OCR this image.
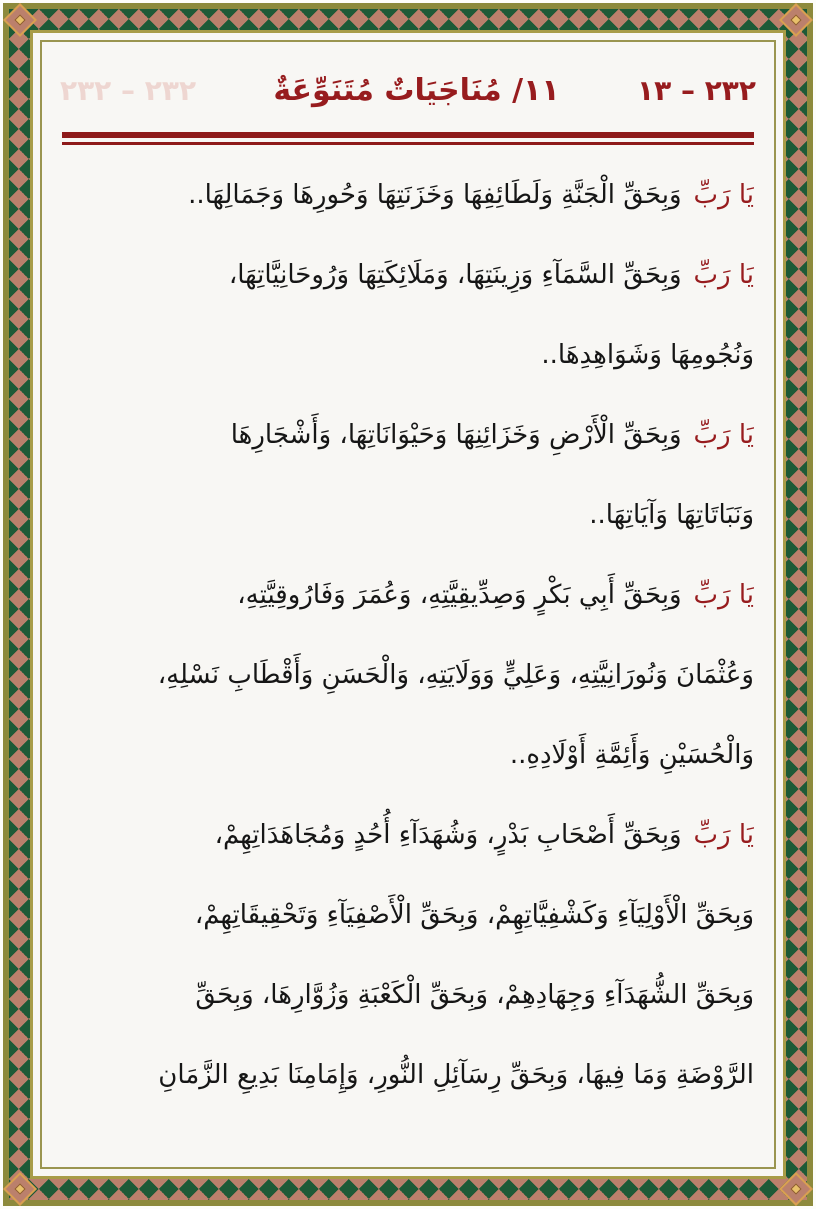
٢٣٢ – ١٣
١١/ مُنَاجَيَاتٌ مُتَنَوِّعَةٌ
٢٣٢ – ٢٣٢
يَا رَبِّ
وَبِحَقِّ الْجَنَّةِ وَلَطَائِفِهَا وَخَزَنَتِهَا وَحُورِهَا وَجَمَالِهَا..
يَا رَبِّ
وَبِحَقِّ السَّمَآءِ وَزِينَتِهَا، وَمَلَائِكَتِهَا وَرُوحَانِيَّاتِهَا،
وَنُجُومِهَا وَشَوَاهِدِهَا..
يَا رَبِّ
وَبِحَقِّ الْأَرْضِ وَخَزَائِنِهَا وَحَيْوَانَاتِهَا، وَأَشْجَارِهَا
وَنَبَاتَاتِهَا وَآيَاتِهَا..
يَا رَبِّ
وَبِحَقِّ أَبِي بَكْرٍ وَصِدِّيقِيَّتِهِ، وَعُمَرَ وَفَارُوقِيَّتِهِ،
وَعُثْمَانَ وَنُورَانِيَّتِهِ، وَعَلِيٍّ وَوَلَايَتِهِ، وَالْحَسَنِ وَأَقْطَابِ نَسْلِهِ،
وَالْحُسَيْنِ وَأَئِمَّةِ أَوْلَادِهِ..
يَا رَبِّ
وَبِحَقِّ أَصْحَابِ بَدْرٍ، وَشُهَدَآءِ أُحُدٍ وَمُجَاهَدَاتِهِمْ،
وَبِحَقِّ الْأَوْلِيَآءِ وَكَشْفِيَّاتِهِمْ، وَبِحَقِّ الْأَصْفِيَآءِ وَتَحْقِيقَاتِهِمْ،
وَبِحَقِّ الشُّهَدَآءِ وَجِهَادِهِمْ، وَبِحَقِّ الْكَعْبَةِ وَزُوَّارِهَا، وَبِحَقِّ
الرَّوْضَةِ وَمَا فِيهَا، وَبِحَقِّ رِسَآئِلِ النُّورِ، وَإِمَامِنَا بَدِيعِ الزَّمَانِ
